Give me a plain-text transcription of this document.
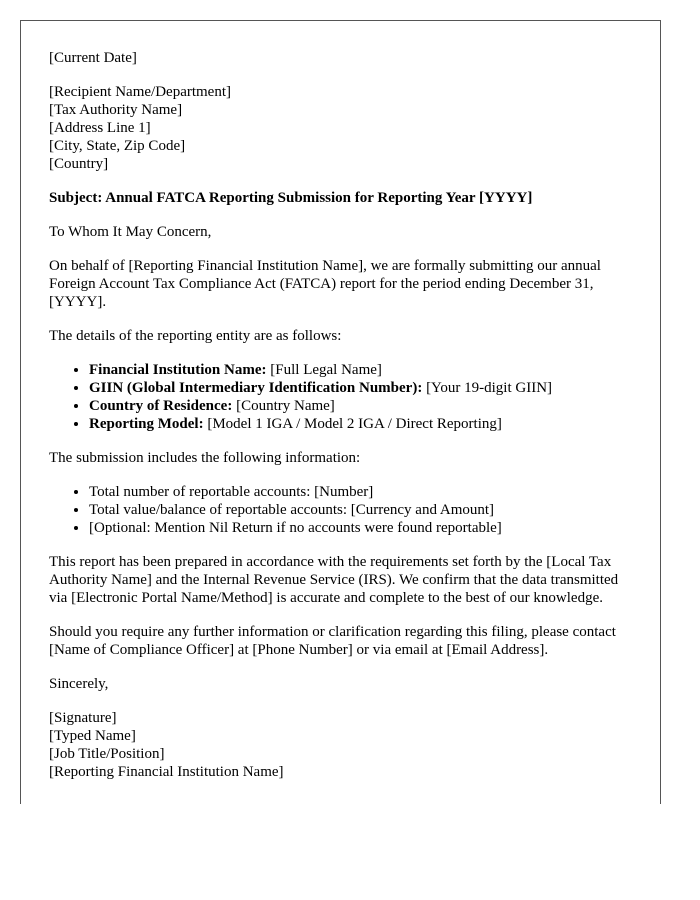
[Current Date]

[Recipient Name/Department]
[Tax Authority Name]
[Address Line 1]
[City, State, Zip Code]
[Country]

Subject: Annual FATCA Reporting Submission for Reporting Year [YYYY]

To Whom It May Concern,

On behalf of [Reporting Financial Institution Name], we are formally submitting our annual Foreign Account Tax Compliance Act (FATCA) report for the period ending December 31, [YYYY].

The details of the reporting entity are as follows:

• Financial Institution Name: [Full Legal Name]
• GIIN (Global Intermediary Identification Number): [Your 19-digit GIIN]
• Country of Residence: [Country Name]
• Reporting Model: [Model 1 IGA / Model 2 IGA / Direct Reporting]

The submission includes the following information:

• Total number of reportable accounts: [Number]
• Total value/balance of reportable accounts: [Currency and Amount]
• [Optional: Mention Nil Return if no accounts were found reportable]

This report has been prepared in accordance with the requirements set forth by the [Local Tax Authority Name] and the Internal Revenue Service (IRS). We confirm that the data transmitted via [Electronic Portal Name/Method] is accurate and complete to the best of our knowledge.

Should you require any further information or clarification regarding this filing, please contact [Name of Compliance Officer] at [Phone Number] or via email at [Email Address].

Sincerely,

[Signature]
[Typed Name]
[Job Title/Position]
[Reporting Financial Institution Name]
